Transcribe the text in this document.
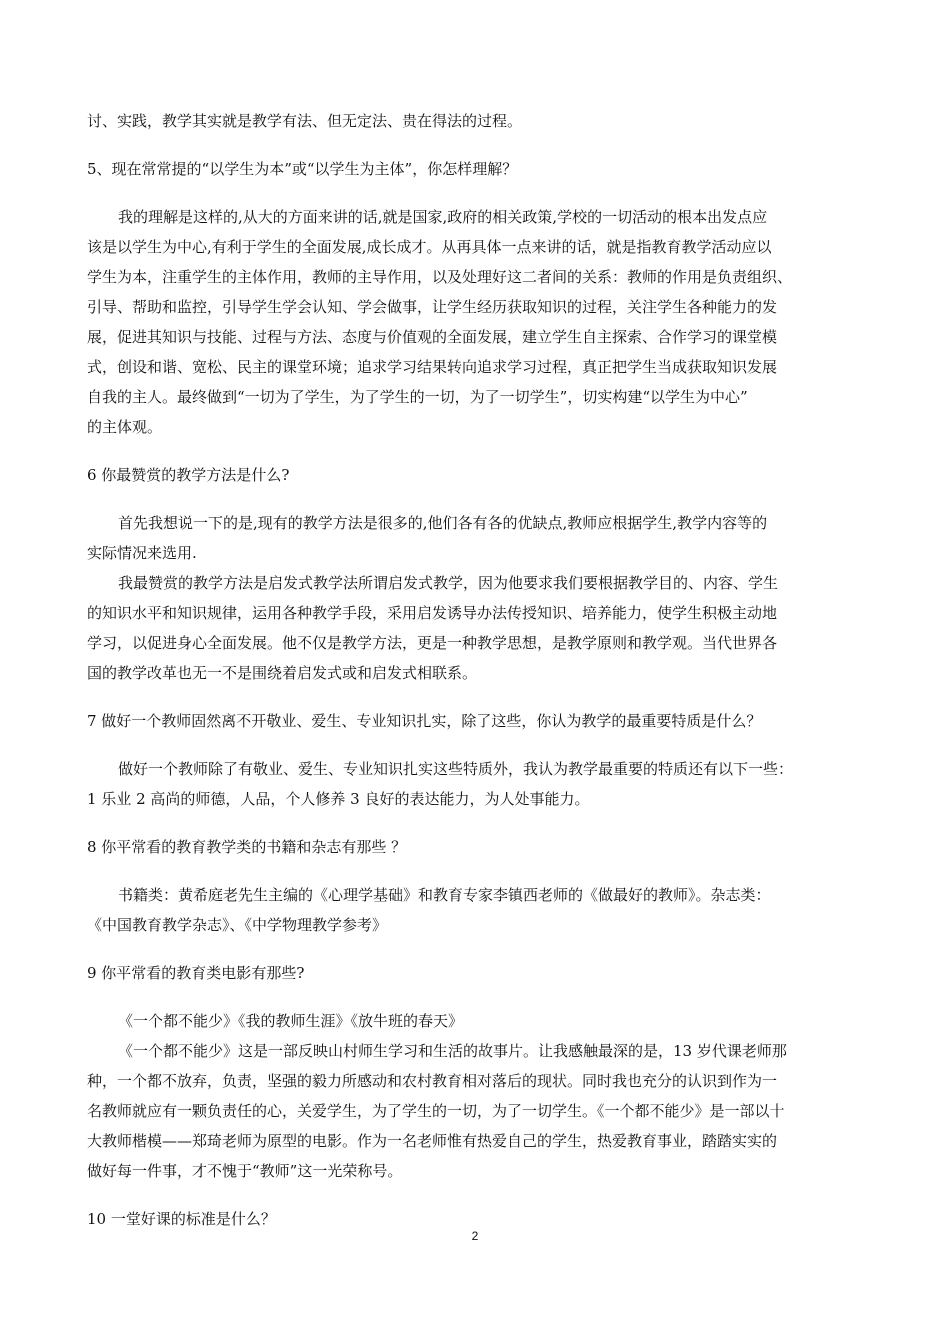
讨、实践，教学其实就是教学有法、但无定法、贵在得法的过程。

5、现在常常提的“以学生为本”或“以学生为主体”，你怎样理解？

我的理解是这样的,从大的方面来讲的话,就是国家,政府的相关政策,学校的一切活动的根本出发点应

该是以学生为中心,有利于学生的全面发展,成长成才。从再具体一点来讲的话，就是指教育教学活动应以

学生为本，注重学生的主体作用，教师的主导作用，以及处理好这二者间的关系：教师的作用是负责组织、

引导、帮助和监控，引导学生学会认知、学会做事，让学生经历获取知识的过程，关注学生各种能力的发

展，促进其知识与技能、过程与方法、态度与价值观的全面发展，建立学生自主探索、合作学习的课堂模

式，创设和谐、宽松、民主的课堂环境；追求学习结果转向追求学习过程，真正把学生当成获取知识发展

自我的主人。最终做到“一切为了学生，为了学生的一切，为了一切学生”，切实构建“以学生为中心”

的主体观。

6 你最赞赏的教学方法是什么?

首先我想说一下的是,现有的教学方法是很多的,他们各有各的优缺点,教师应根据学生,教学内容等的

实际情况来选用.

我最赞赏的教学方法是启发式教学法所谓启发式教学，因为他要求我们要根据教学目的、内容、学生

的知识水平和知识规律，运用各种教学手段，采用启发诱导办法传授知识、培养能力，使学生积极主动地

学习，以促进身心全面发展。他不仅是教学方法，更是一种教学思想，是教学原则和教学观。当代世界各

国的教学改革也无一不是围绕着启发式或和启发式相联系。

7 做好一个教师固然离不开敬业、爱生、专业知识扎实，除了这些，你认为教学的最重要特质是什么？

做好一个教师除了有敬业、爱生、专业知识扎实这些特质外，我认为教学最重要的特质还有以下一些：

1 乐业 2 高尚的师德，人品，个人修养 3 良好的表达能力，为人处事能力。

8 你平常看的教育教学类的书籍和杂志有那些 ？

书籍类：黄希庭老先生主编的《心理学基础》和教育专家李镇西老师的《做最好的教师》。杂志类：

《中国教育教学杂志》、《中学物理教学参考》

9 你平常看的教育类电影有那些?

《一个都不能少》《我的教师生涯》《放牛班的春天》

《一个都不能少》这是一部反映山村师生学习和生活的故事片。让我感触最深的是，13 岁代课老师那

种，一个都不放弃，负责，坚强的毅力所感动和农村教育相对落后的现状。同时我也充分的认识到作为一

名教师就应有一颗负责任的心，关爱学生，为了学生的一切，为了一切学生。《一个都不能少》是一部以十

大教师楷模——郑琦老师为原型的电影。作为一名老师惟有热爱自己的学生，热爱教育事业，踏踏实实的

做好每一件事，才不愧于“教师”这一光荣称号。

10 一堂好课的标准是什么？

2
